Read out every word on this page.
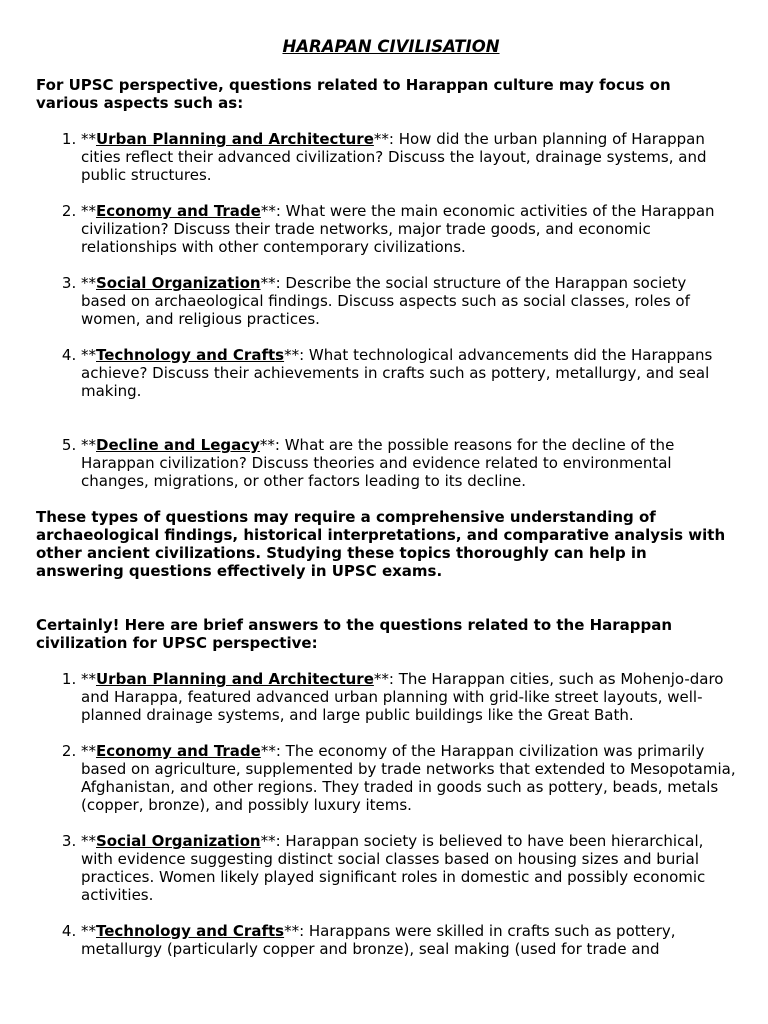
HARAPAN CIVILISATION

For UPSC perspective, questions related to Harappan culture may focus on various aspects such as:

1. **Urban Planning and Architecture**: How did the urban planning of Harappan cities reflect their advanced civilization? Discuss the layout, drainage systems, and public structures.
2. **Economy and Trade**: What were the main economic activities of the Harappan civilization? Discuss their trade networks, major trade goods, and economic relationships with other contemporary civilizations.
3. **Social Organization**: Describe the social structure of the Harappan society based on archaeological findings. Discuss aspects such as social classes, roles of women, and religious practices.
4. **Technology and Crafts**: What technological advancements did the Harappans achieve? Discuss their achievements in crafts such as pottery, metallurgy, and seal making.
5. **Decline and Legacy**: What are the possible reasons for the decline of the Harappan civilization? Discuss theories and evidence related to environmental changes, migrations, or other factors leading to its decline.

These types of questions may require a comprehensive understanding of archaeological findings, historical interpretations, and comparative analysis with other ancient civilizations. Studying these topics thoroughly can help in answering questions effectively in UPSC exams.

Certainly! Here are brief answers to the questions related to the Harappan civilization for UPSC perspective:

1. **Urban Planning and Architecture**: The Harappan cities, such as Mohenjo-daro and Harappa, featured advanced urban planning with grid-like street layouts, well-planned drainage systems, and large public buildings like the Great Bath.
2. **Economy and Trade**: The economy of the Harappan civilization was primarily based on agriculture, supplemented by trade networks that extended to Mesopotamia, Afghanistan, and other regions. They traded in goods such as pottery, beads, metals (copper, bronze), and possibly luxury items.
3. **Social Organization**: Harappan society is believed to have been hierarchical, with evidence suggesting distinct social classes based on housing sizes and burial practices. Women likely played significant roles in domestic and possibly economic activities.
4. **Technology and Crafts**: Harappans were skilled in crafts such as pottery, metallurgy (particularly copper and bronze), seal making (used for trade and
